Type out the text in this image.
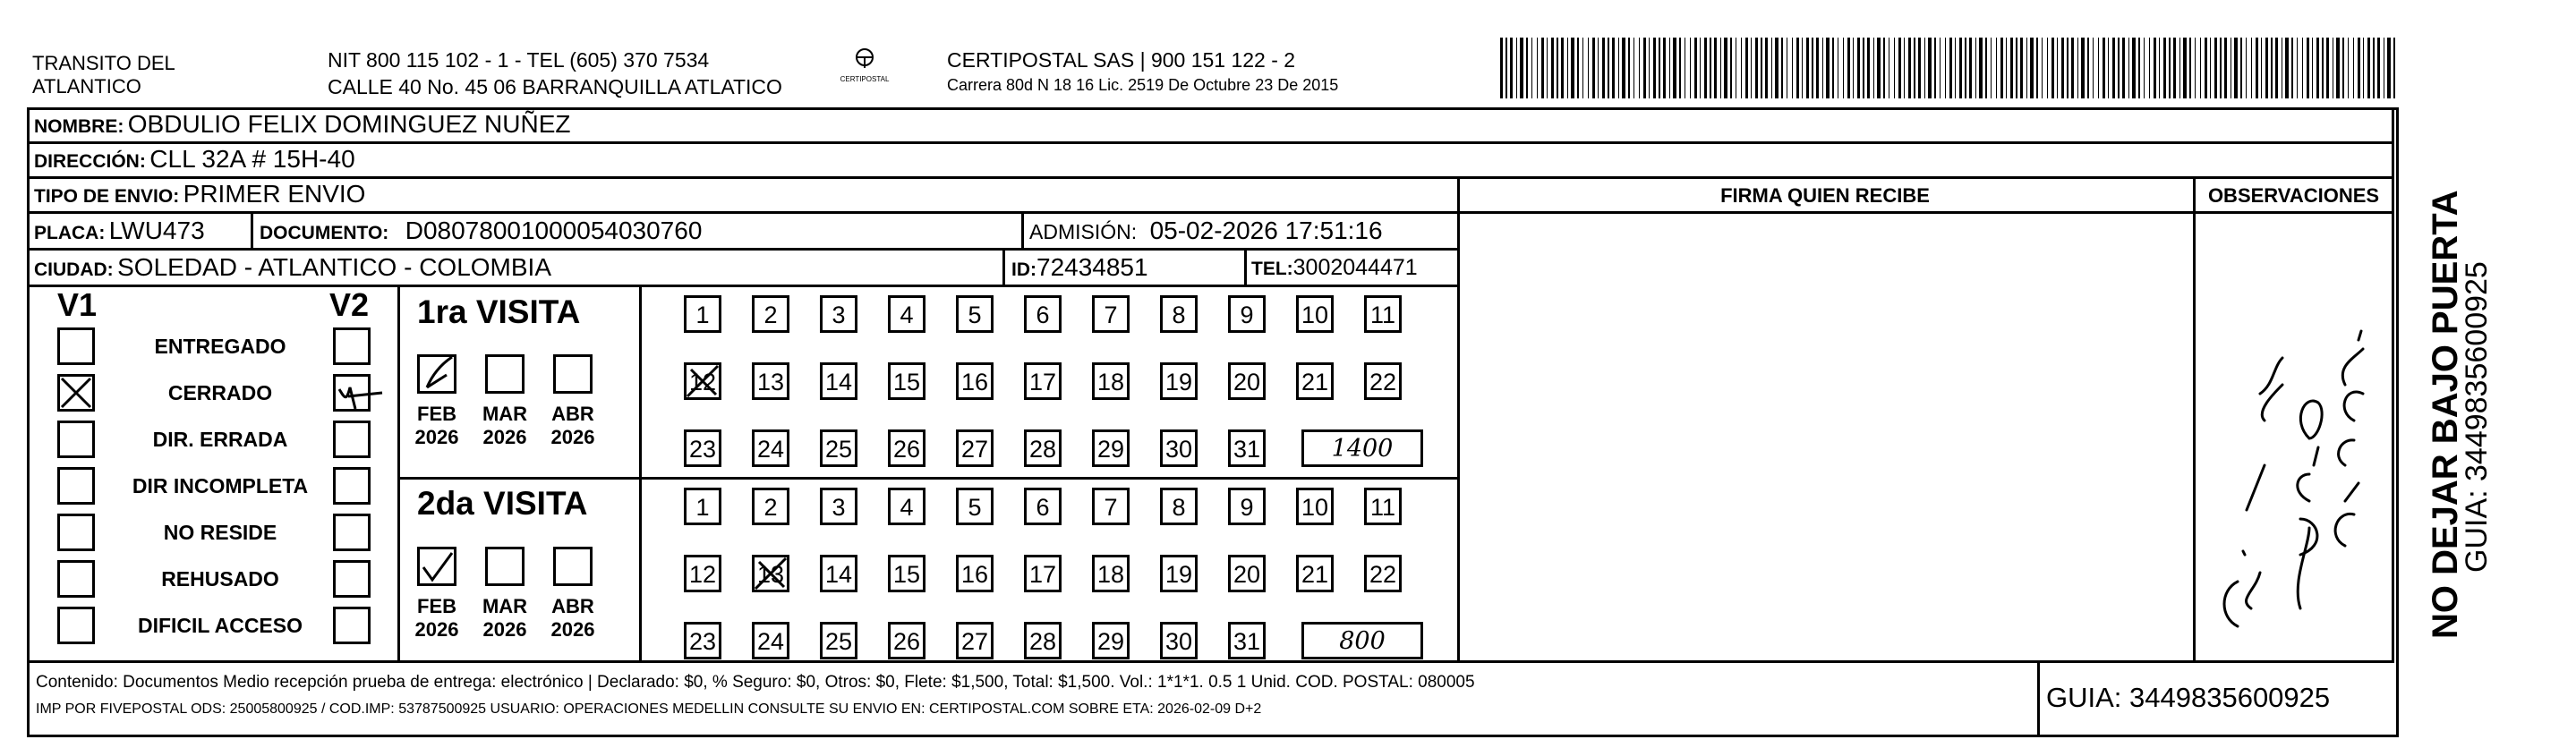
TRANSITO DEL
ATLANTICO
NIT 800 115 102 - 1 - TEL (605) 370 7534
CALLE 40 No. 45 06 BARRANQUILLA ATLATICO	CERTIPOSTAL
CERTIPOSTAL SAS | 900 151 122 - 2
Carrera 80d N 18 16 Lic. 2519 De Octubre 23 De 2015
NOMBRE: OBDULIO FELIX DOMINGUEZ NUÑEZ
DIRECCIÓN: CLL 32A # 15H-40
TIPO DE ENVIO: PRIMER ENVIO
PLACA: LWU473	DOCUMENTO: D08078001000054030760	ADMISIÓN: 05-02-2026 17:51:16
CIUDAD: SOLEDAD - ATLANTICO - COLOMBIA	ID:72434851	TEL:3002044471
FIRMA QUIEN RECIBE	OBSERVACIONES
V1	V2
ENTREGADO
CERRADO
DIR. ERRADA
DIR INCOMPLETA
NO RESIDE
REHUSADO
DIFICIL ACCESO
1ra VISITA
2da VISITA
FEB
2026
MAR
2026
ABR
2026
1	2	3	4	5	6	7	8	9	10 11
12 13 14 15 16 17 18 19 20 21 22
23 24 25 26 27 28 29 30 31	1400
FEB
2026
MAR
2026
ABR
2026
1	2	3	4	5	6	7	8	9	10 11
12 13 14 15 16 17 18 19 20 21 22
23 24 25 26 27 28 29 30 31	800
NO DEJAR BAJO PUERTA
GUIA: 3449835600925
Contenido: Documentos Medio recepción prueba de entrega: electrónico | Declarado: $0, % Seguro: $0, Otros: $0, Flete: $1,500, Total: $1,500. Vol.: 1*1*1. 0.5 1 Unid. COD. POSTAL: 080005
IMP POR FIVEPOSTAL ODS: 25005800925 / COD.IMP: 53787500925 USUARIO: OPERACIONES MEDELLIN CONSULTE SU ENVIO EN: CERTIPOSTAL.COM SOBRE ETA: 2026-02-09 D+2	GUIA: 3449835600925
